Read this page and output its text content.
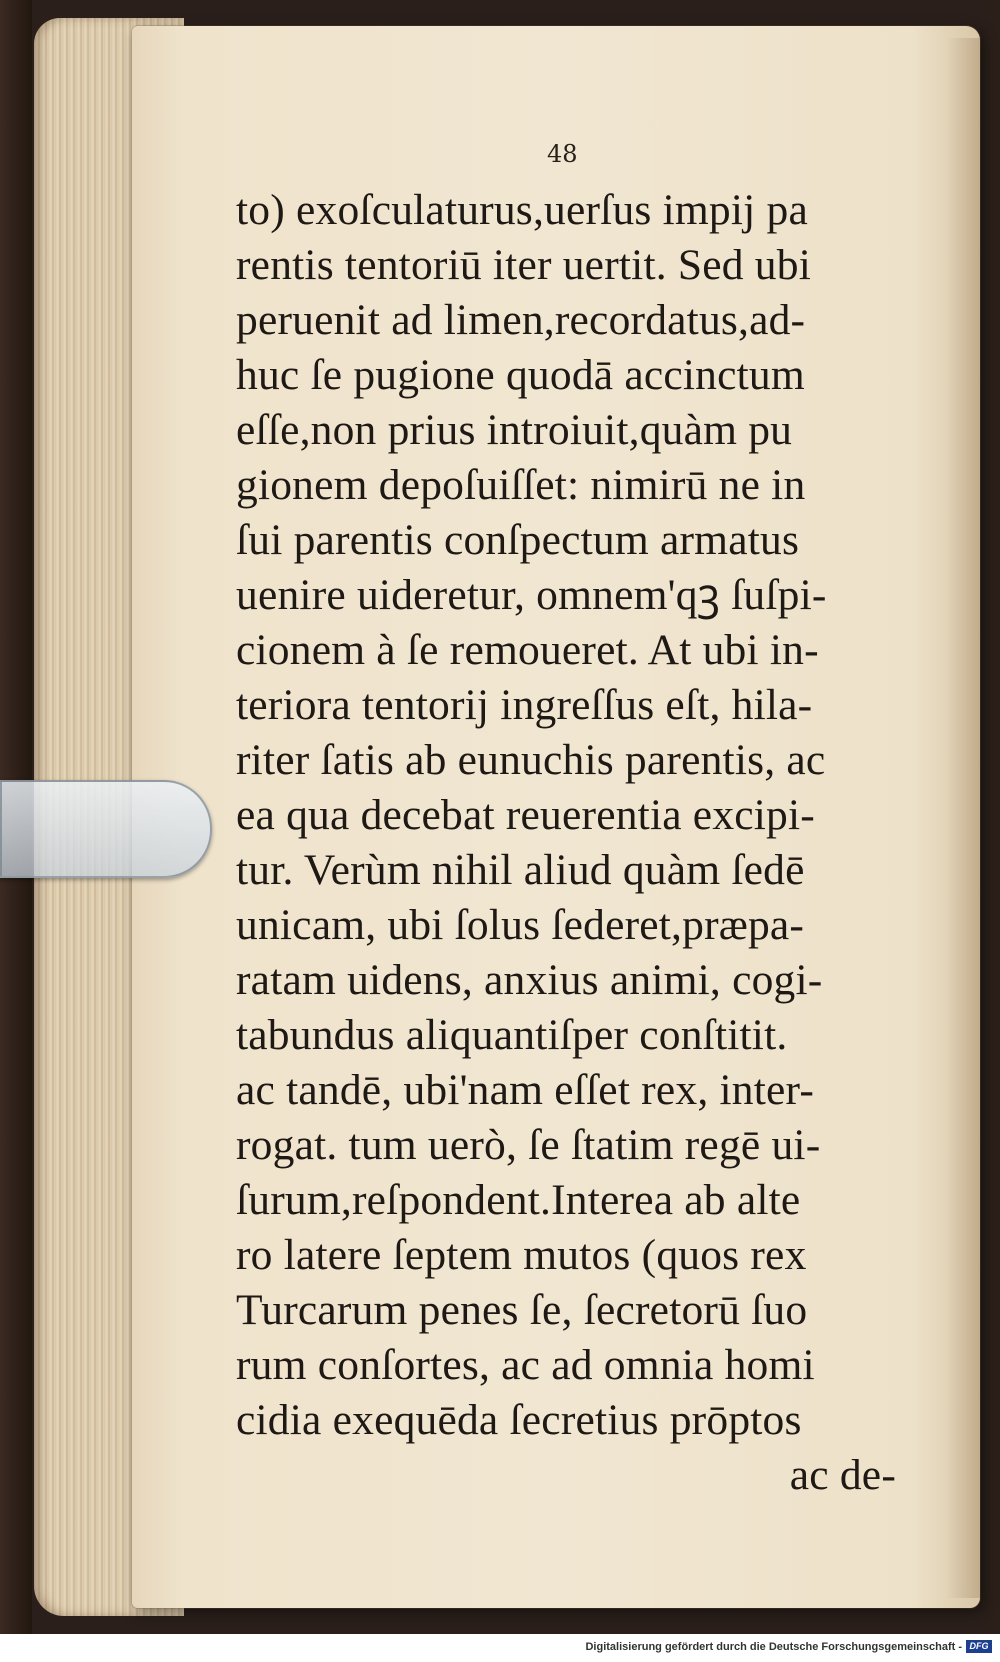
48
to) exoſculaturus,uerſus impij pa
rentis tentoriū iter uertit. Sed ubi
peruenit ad limen,recordatus,ad-
huc ſe pugione quodā accinctum
eſſe,non prius introiuit,quàm pu
gionem depoſuiſſet: nimirū ne in
ſui parentis conſpectum armatus
uenire uideretur, omnem'qꝫ ſuſpi-
cionem à ſe remoueret. At ubi in-
teriora tentorij ingreſſus eſt, hila-
riter ſatis ab eunuchis parentis, ac
ea qua decebat reuerentia excipi-
tur. Verùm nihil aliud quàm ſedē
unicam, ubi ſolus ſederet,præpa-
ratam uidens, anxius animi, cogi-
tabundus aliquantiſper conſtitit.
ac tandē, ubi'nam eſſet rex, inter-
rogat. tum uerò, ſe ſtatim regē ui-
ſurum,reſpondent.Interea ab alte
ro latere ſeptem mutos (quos rex
Turcarum penes ſe, ſecretorū ſuo
rum conſortes, ac ad omnia homi
cidia exequēda ſecretius prōptos
ac de-
Digitalisierung gefördert durch die Deutsche Forschungsgemeinschaft - DFG
